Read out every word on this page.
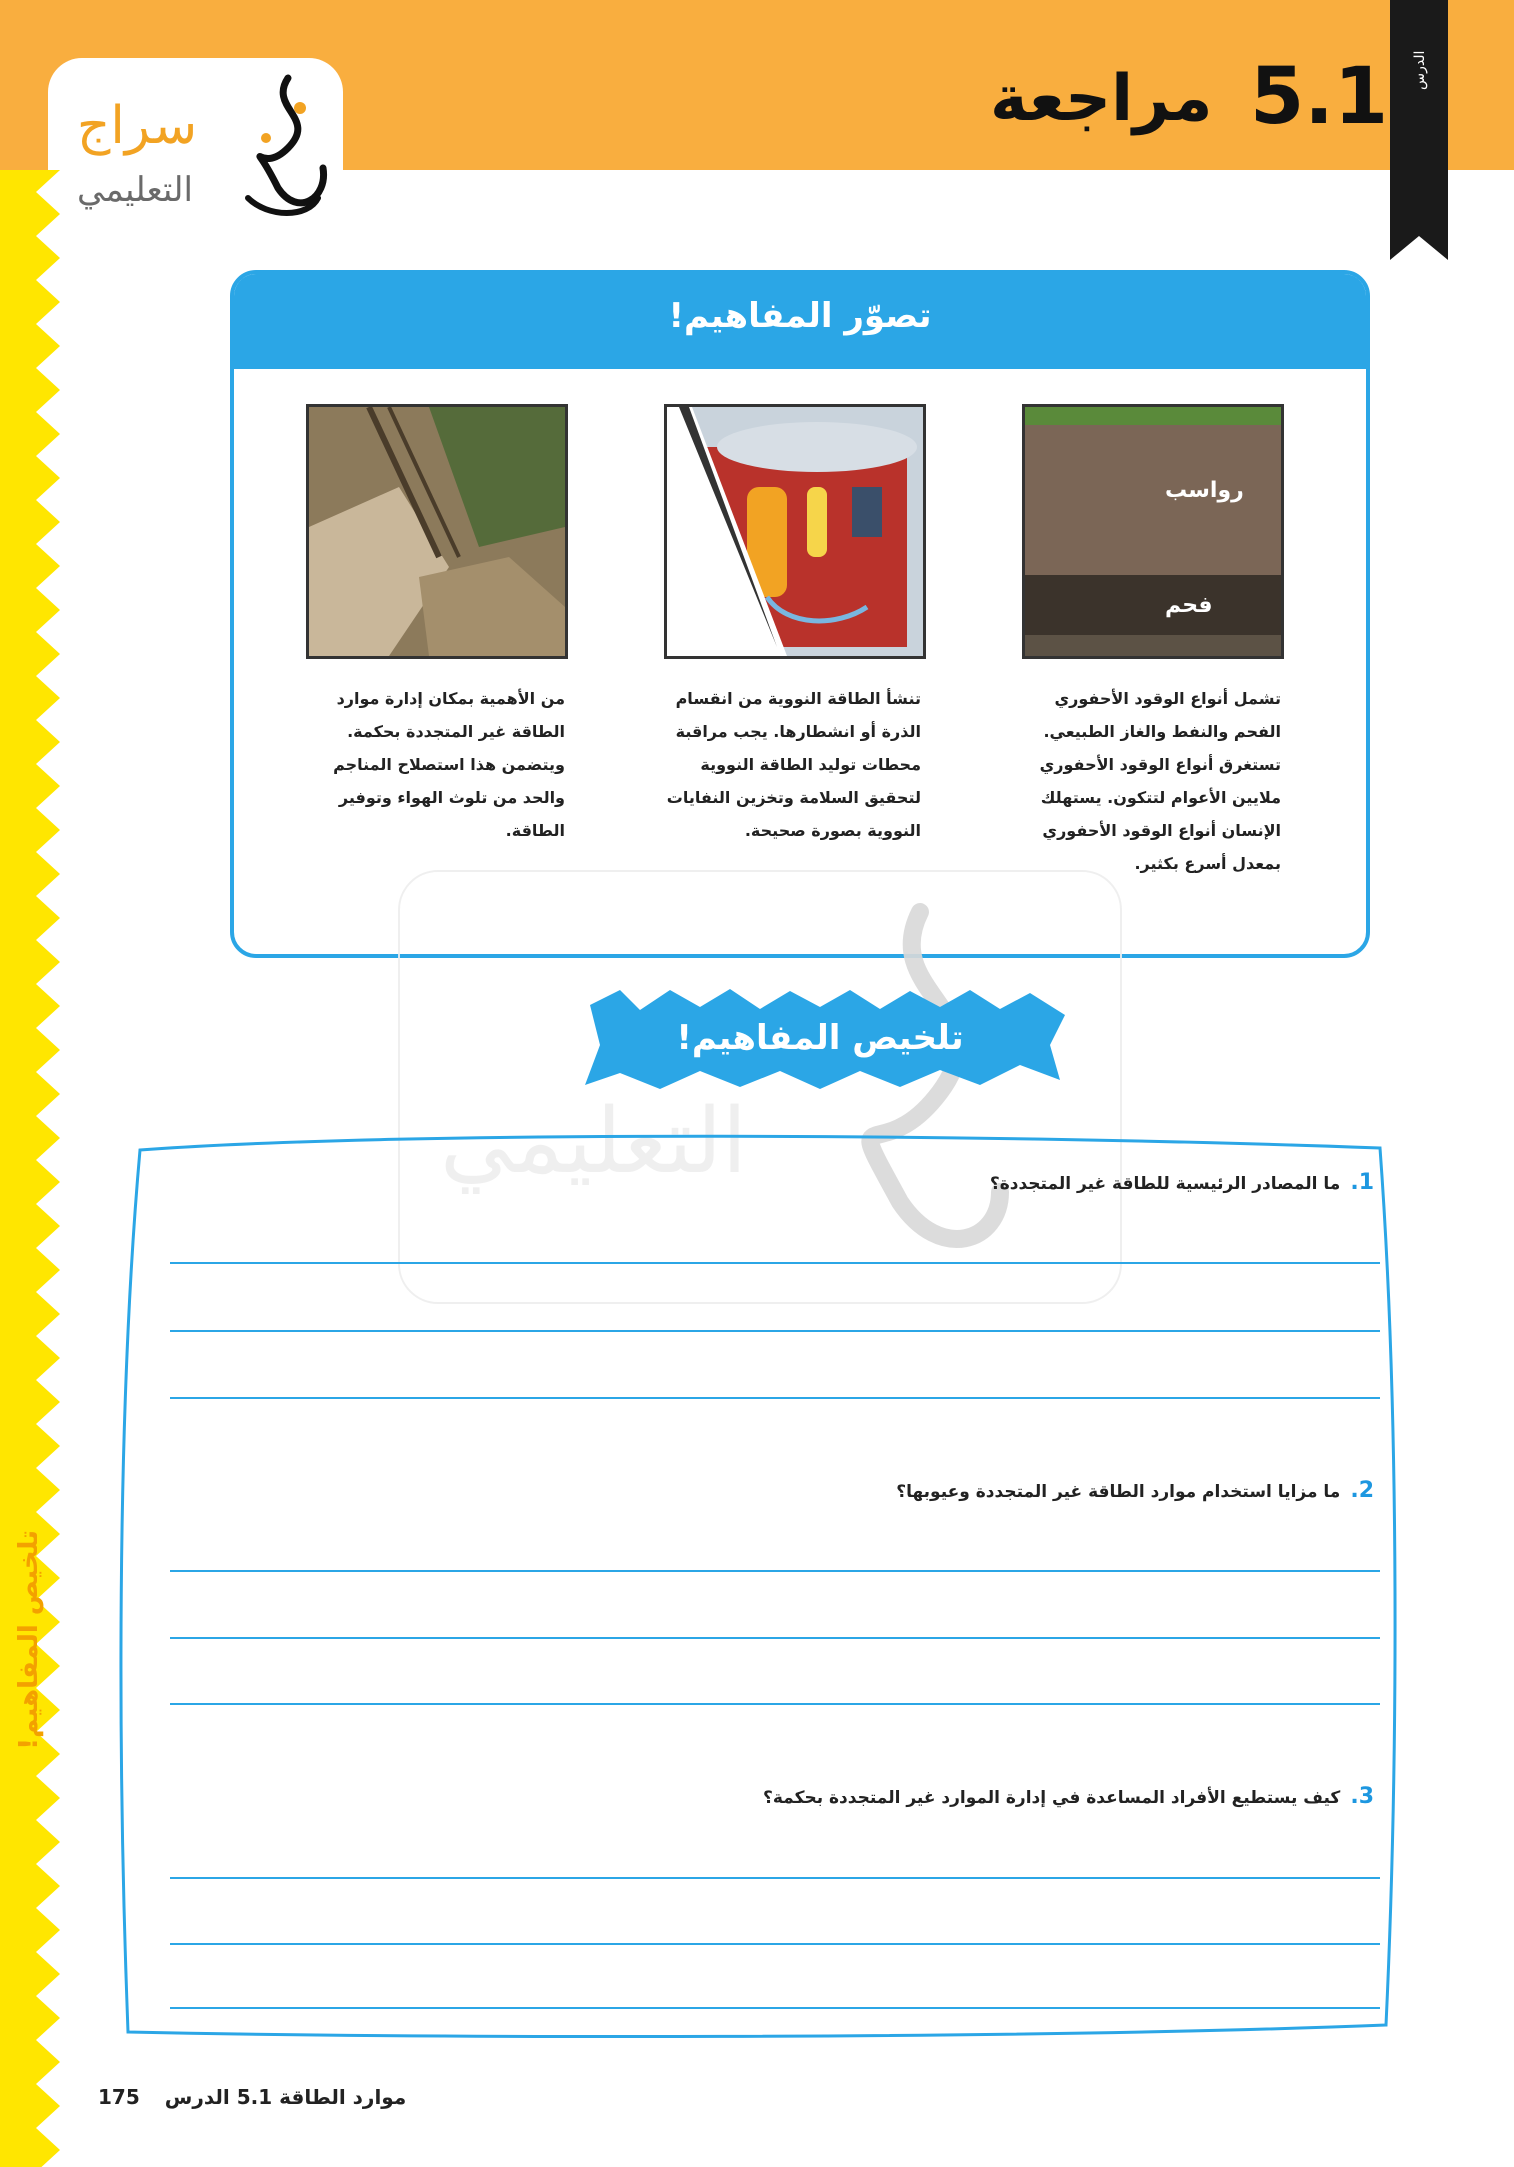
الدرس
5.1
مراجعة
سراج
التعليمي
تلخيص المفاهيم!
تصوّر المفاهيم!
رواسب
فحم
تشمل أنواع الوقود الأحفوري الفحم والنفط والغاز الطبيعي. تستغرق أنواع الوقود الأحفوري ملايين الأعوام لتتكون. يستهلك الإنسان أنواع الوقود الأحفوري بمعدل أسرع بكثير.
تنشأ الطاقة النووية من انقسام الذرة أو انشطارها. يجب مراقبة محطات توليد الطاقة النووية لتحقيق السلامة وتخزين النفايات النووية بصورة صحيحة.
من الأهمية بمكان إدارة موارد الطاقة غير المتجددة بحكمة. ويتضمن هذا استصلاح المناجم والحد من تلوث الهواء وتوفير الطاقة.
التعليمي
تلخيص المفاهيم!
1.ما المصادر الرئيسية للطاقة غير المتجددة؟
2.ما مزايا استخدام موارد الطاقة غير المتجددة وعيوبها؟
3.كيف يستطيع الأفراد المساعدة في إدارة الموارد غير المتجددة بحكمة؟
175	موارد الطاقة 5.1 الدرس
